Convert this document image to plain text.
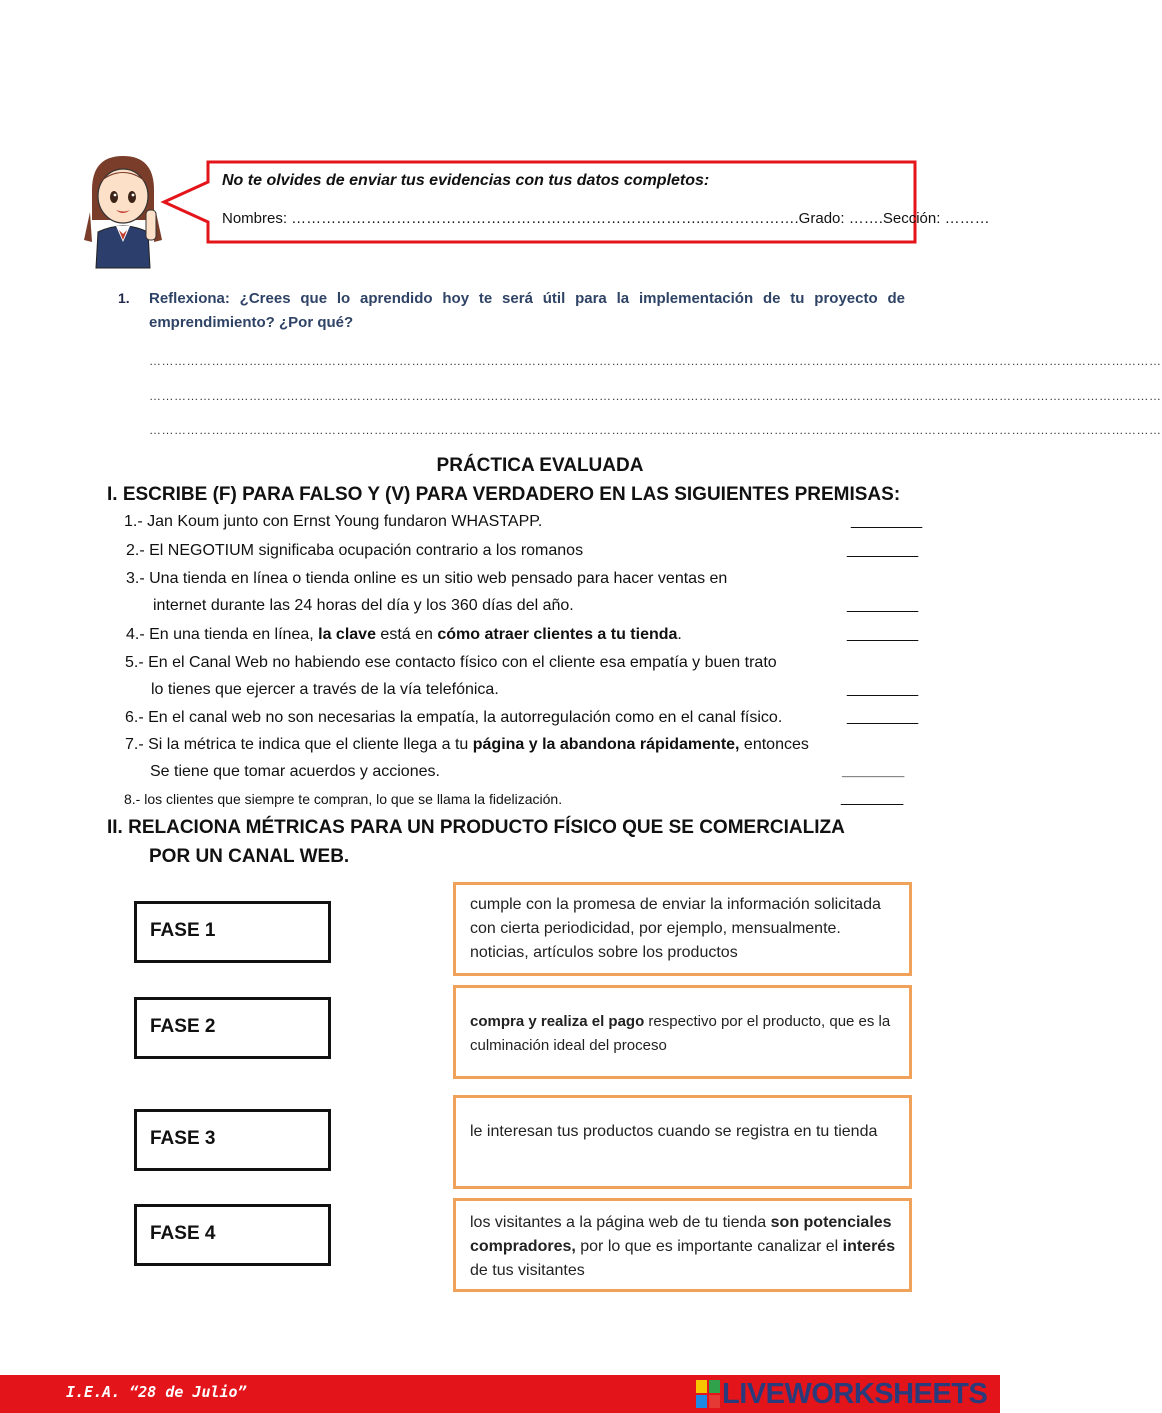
No te olvides de enviar tus evidencias con tus datos completos:
Nombres: ………………………………………………………………………..……………….Grado: …….Sección: ………
1. Reflexiona: ¿Crees que lo aprendido hoy te será útil para la implementación de tu proyecto de emprendimiento? ¿Por qué?
………………………………………………………………………………………………………………………………………………………………………………………………………………………
………………………………………………………………………………………………………………………………………………………………………………………………………………………
………………………………………………………………………………………………………………………………………………………………………………………………………………………
PRÁCTICA EVALUADA
I. ESCRIBE (F) PARA FALSO Y (V) PARA VERDADERO EN LAS SIGUIENTES PREMISAS:
1.- Jan Koum junto con Ernst Young fundaron WHASTAPP.	________
2.- El NEGOTIUM significaba ocupación contrario a los romanos	________
3.- Una tienda en línea o tienda online es un sitio web pensado para hacer ventas en
internet durante las 24 horas del día y los 360 días del año.	________
4.- En una tienda en línea, la clave está en cómo atraer clientes a tu tienda.	________
5.- En el Canal Web no habiendo ese contacto físico con el cliente esa empatía y buen trato
lo tienes que ejercer a través de la vía telefónica.	________
6.- En el canal web no son necesarias la empatía, la autorregulación como en el canal físico.	________
7.- Si la métrica te indica que el cliente llega a tu página y la abandona rápidamente, entonces
Se tiene que tomar acuerdos y acciones.	_______
8.- los clientes que siempre te compran, lo que se llama la fidelización.	_______
II. RELACIONA MÉTRICAS PARA UN PRODUCTO FÍSICO QUE SE COMERCIALIZA
POR UN CANAL WEB.
FASE 1
FASE 2
FASE 3
FASE 4
cumple con la promesa de enviar la información solicitada con cierta periodicidad, por ejemplo, mensualmente. noticias, artículos sobre los productos
compra y realiza el pago respectivo por el producto, que es la culminación ideal del proceso
le interesan tus productos cuando se registra en tu tienda
los visitantes a la página web de tu tienda son potenciales compradores, por lo que es importante canalizar el interés de tus visitantes
I.E.A. “28 de Julio”	LIVEWORKSHEETS
